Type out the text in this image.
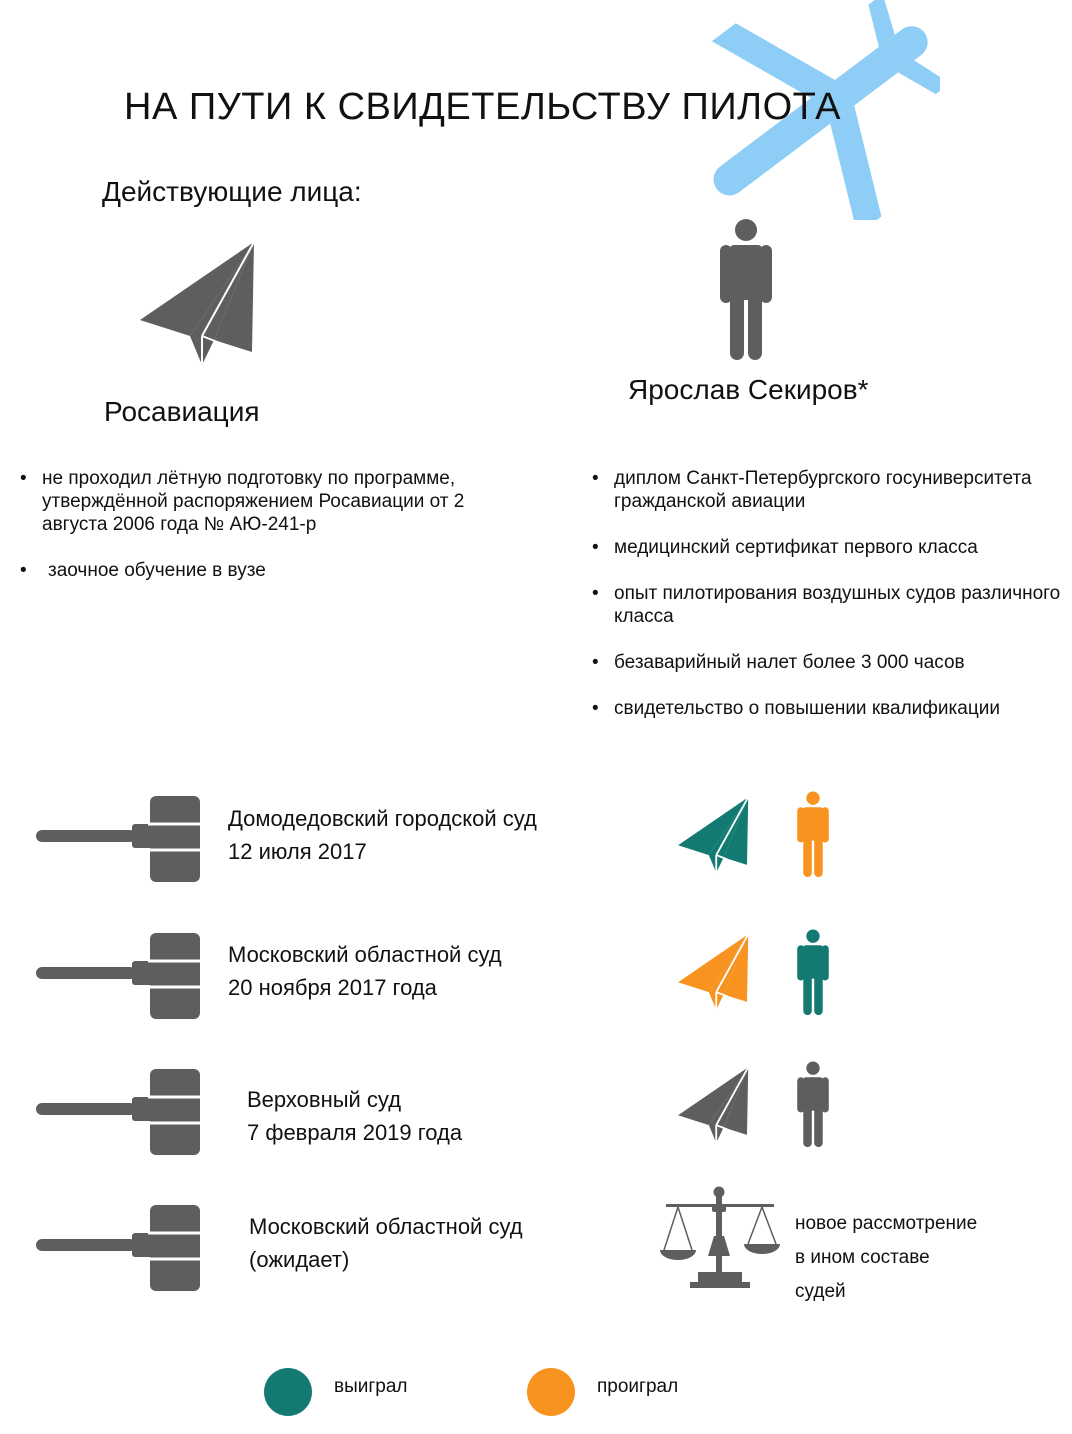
НА ПУТИ К СВИДЕТЕЛЬСТВУ ПИЛОТА
Действующие лица:
Росавиация
Ярослав Секиров*
• не проходил лётную подготовку по программе, утверждённой распоряжением Росавиации от 2 августа 2006 года № АЮ-241-р
• заочное обучение в вузе
• диплом Санкт-Петербургского госуниверситета гражданской авиации
• медицинский сертификат первого класса
• опыт пилотирования воздушных судов различного класса
• безаварийный налет более 3 000 часов
• свидетельство о повышении квалификации
Домодедовский городской суд
12 июля 2017
Московский областной суд
20 ноября 2017 года
Верховный суд
7 февраля 2019 года
Московский областной суд
(ожидает)
новое рассмотрение
в ином составе
судей
выиграл	проиграл
